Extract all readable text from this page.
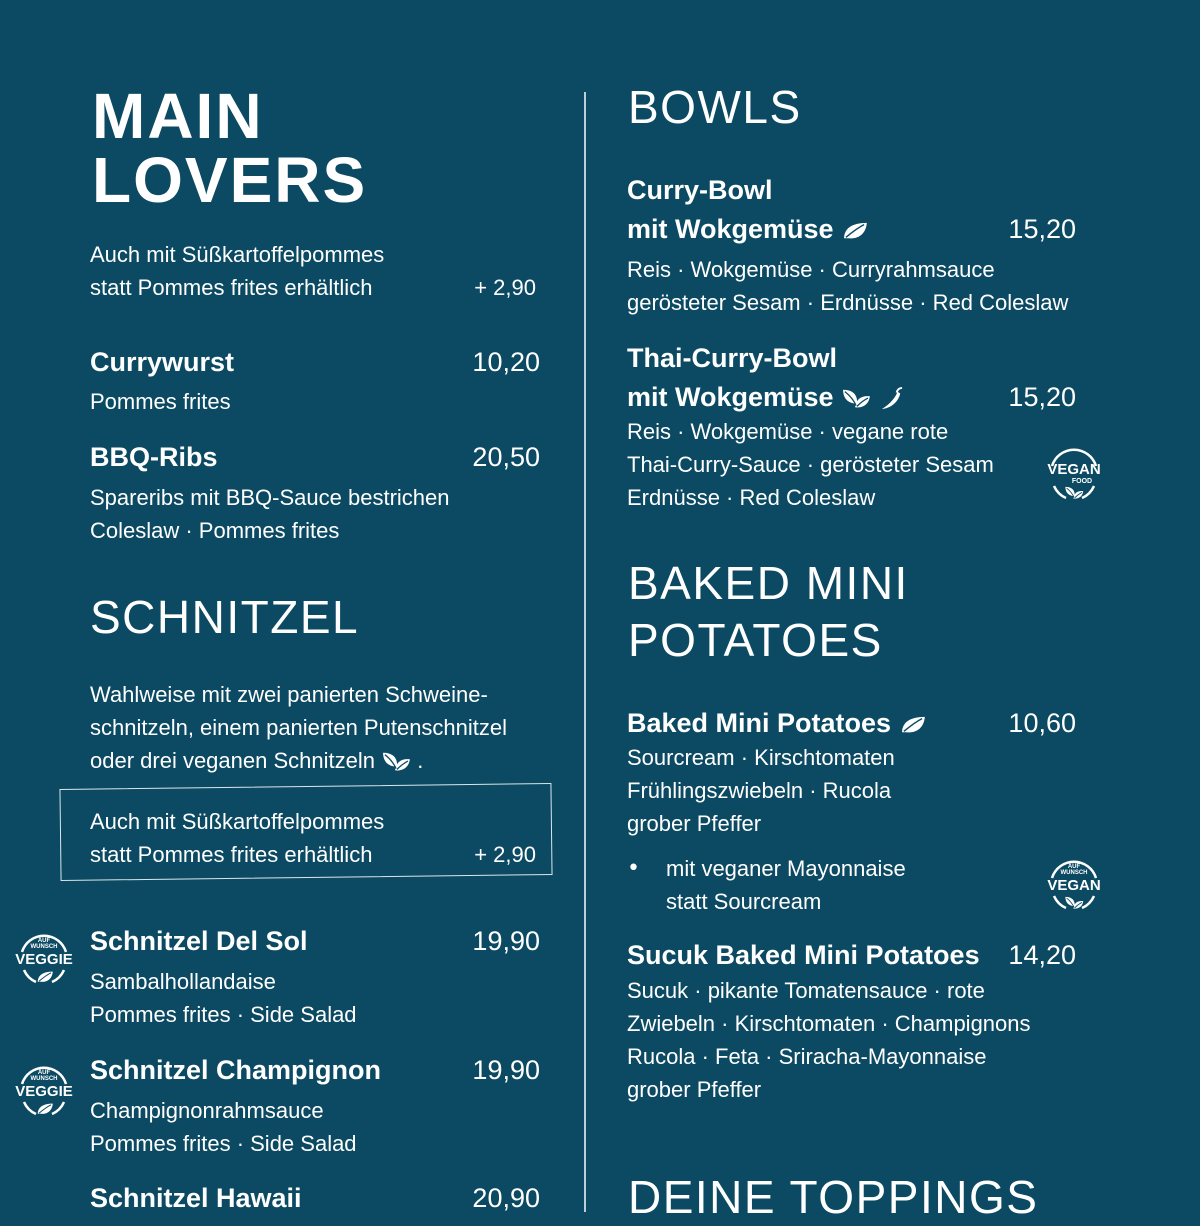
MAIN
LOVERS
Auch mit Süßkartoffelpommes
statt Pommes frites erhältlich	+ 2,90
Currywurst	10,20
Pommes frites
BBQ-Ribs	20,50
Spareribs mit BBQ-Sauce bestrichen
Coleslaw · Pommes frites
SCHNITZEL
Wahlweise mit zwei panierten Schweine-
schnitzeln, einem panierten Putenschnitzel
oder drei veganen Schnitzeln .
Auch mit Süßkartoffelpommes
statt Pommes frites erhältlich	+ 2,90
AUF
WUNSCH
VEGGIE
AUF
WUNSCH
VEGGIE
Schnitzel Del Sol	19,90
Sambalhollandaise
Pommes frites · Side Salad
Schnitzel Champignon	19,90
Champignonrahmsauce
Pommes frites · Side Salad
Schnitzel Hawaii	20,90
BOWLS
Curry-Bowl
mit Wokgemüse	15,20
Reis · Wokgemüse · Curryrahmsauce
gerösteter Sesam · Erdnüsse · Red Coleslaw
Thai-Curry-Bowl
mit Wokgemüse	15,20
Reis · Wokgemüse · vegane rote
Thai-Curry-Sauce · gerösteter Sesam
Erdnüsse · Red Coleslaw
VEGAN
FOOD
BAKED MINI
POTATOES
Baked Mini Potatoes	10,60
Sourcream · Kirschtomaten
Frühlingszwiebeln · Rucola
grober Pfeffer
• mit veganer Mayonnaise
statt Sourcream
AUF
WUNSCH
VEGAN
Sucuk Baked Mini Potatoes	14,20
Sucuk · pikante Tomatensauce · rote
Zwiebeln · Kirschtomaten · Champignons
Rucola · Feta · Sriracha-Mayonnaise
grober Pfeffer
DEINE TOPPINGS
